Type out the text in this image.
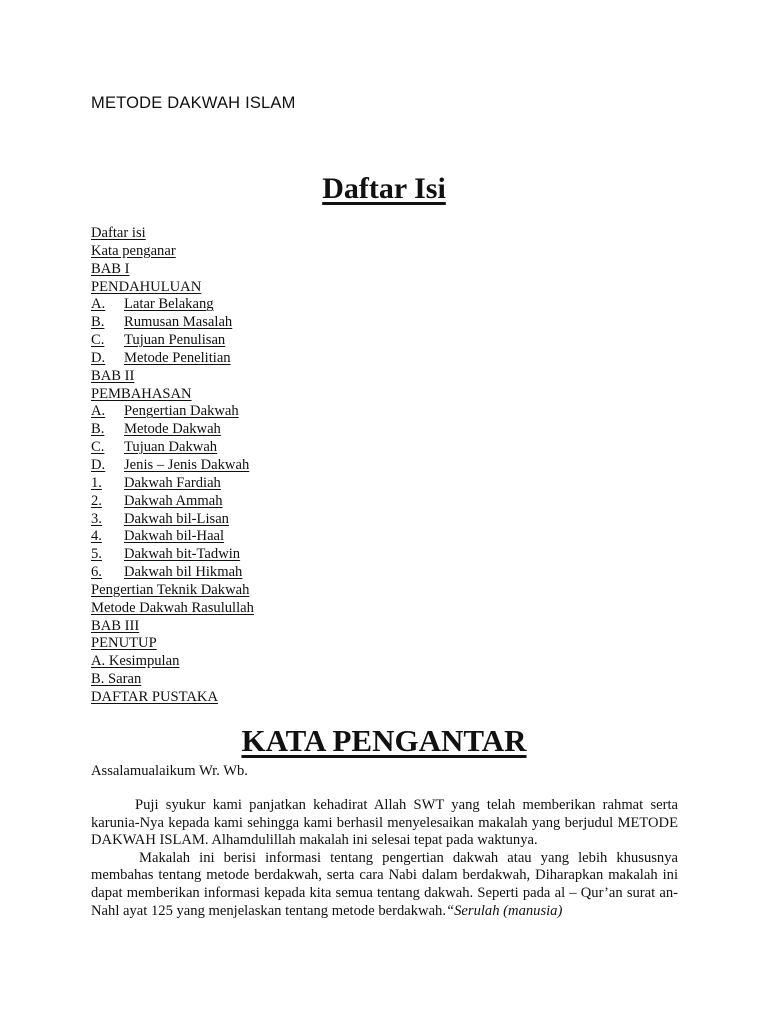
METODE DAKWAH ISLAM
Daftar Isi
Daftar isi
Kata penganar
BAB I
PENDAHULUAN
A. Latar Belakang
B. Rumusan Masalah
C. Tujuan Penulisan
D. Metode Penelitian
BAB II
PEMBAHASAN
A. Pengertian Dakwah
B. Metode Dakwah
C. Tujuan Dakwah
D. Jenis – Jenis Dakwah
1. Dakwah Fardiah
2. Dakwah Ammah
3. Dakwah bil-Lisan
4. Dakwah bil-Haal
5. Dakwah bit-Tadwin
6. Dakwah bil Hikmah
Pengertian Teknik Dakwah
Metode Dakwah Rasulullah
BAB III
PENUTUP
A. Kesimpulan
B. Saran
DAFTAR PUSTAKA
KATA PENGANTAR
Assalamualaikum Wr. Wb.

Puji syukur kami panjatkan kehadirat Allah SWT yang telah memberikan rahmat serta karunia-Nya kepada kami sehingga kami berhasil menyelesaikan makalah yang berjudul METODE DAKWAH ISLAM. Alhamdulillah makalah ini selesai tepat pada waktunya.

Makalah ini berisi informasi tentang pengertian dakwah atau yang lebih khususnya membahas tentang metode berdakwah, serta cara Nabi dalam berdakwah, Diharapkan makalah ini dapat memberikan informasi kepada kita semua tentang dakwah. Seperti pada al – Qur’an surat an-Nahl ayat 125 yang menjelaskan tentang metode berdakwah.“Serulah (manusia)
